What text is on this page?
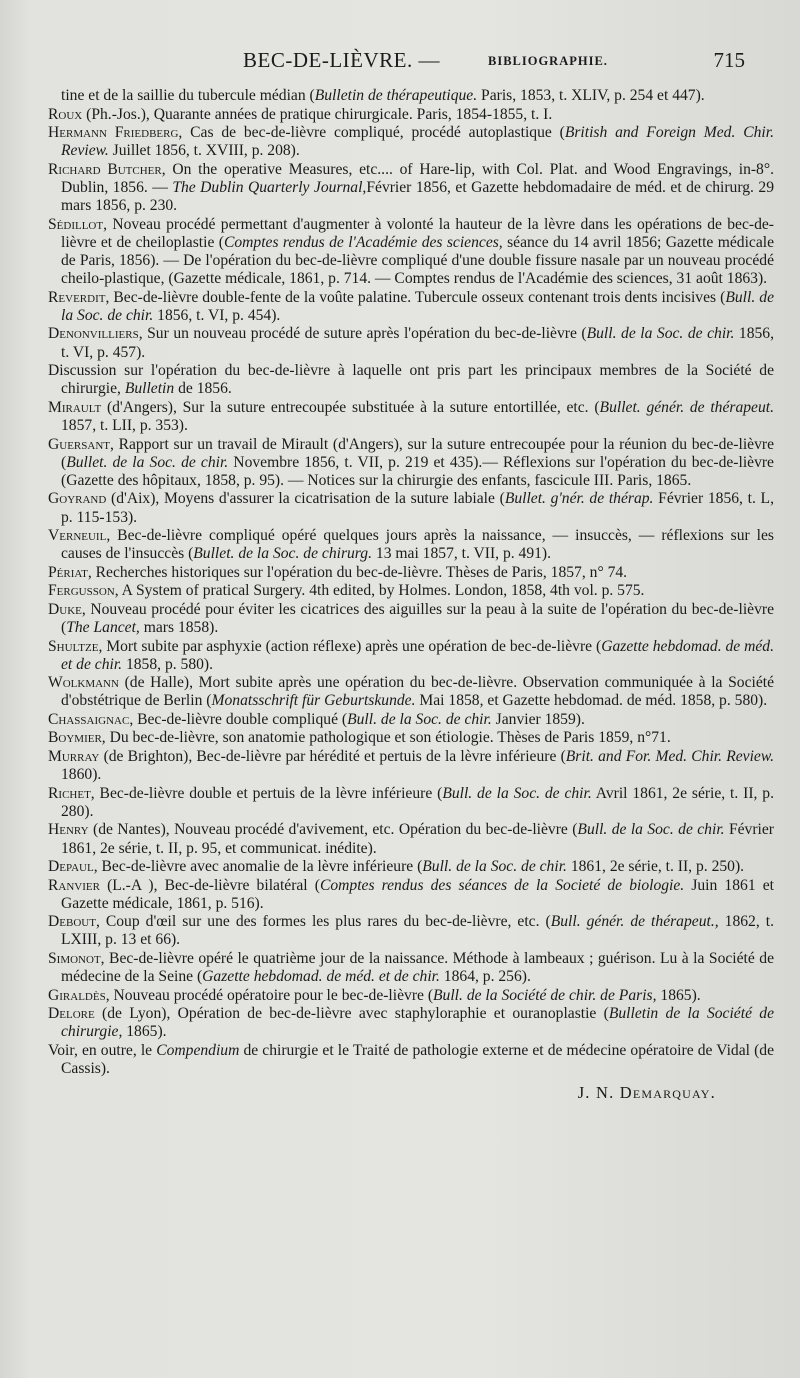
BEC-DE-LIÈVRE. —	BIBLIOGRAPHIE.	715

tine et de la saillie du tubercule médian (Bulletin de thérapeutique. Paris, 1853, t. XLIV, p. 254 et 447).

Roux (Ph.-Jos.), Quarante années de pratique chirurgicale. Paris, 1854-1855, t. I.

Hermann Friedberg, Cas de bec-de-lièvre compliqué, procédé autoplastique (British and Foreign Med. Chir. Review. Juillet 1856, t. XVIII, p. 208).

Richard Butcher, On the operative Measures, etc.... of Hare-lip, with Col. Plat. and Wood Engravings, in-8°. Dublin, 1856. — The Dublin Quarterly Journal,Février 1856, et Gazette hebdomadaire de méd. et de chirurg. 29 mars 1856, p. 230.

Sédillot, Noveau procédé permettant d'augmenter à volonté la hauteur de la lèvre dans les opérations de bec-de-lièvre et de cheiloplastie (Comptes rendus de l'Académie des sciences, séance du 14 avril 1856; Gazette médicale de Paris, 1856). — De l'opération du bec-de-lièvre compliqué d'une double fissure nasale par un nouveau procédé cheilo-plastique, (Gazette médicale, 1861, p. 714. — Comptes rendus de l'Académie des sciences, 31 août 1863).

Reverdit, Bec-de-lièvre double-fente de la voûte palatine. Tubercule osseux contenant trois dents incisives (Bull. de la Soc. de chir. 1856, t. VI, p. 454).

Denonvilliers, Sur un nouveau procédé de suture après l'opération du bec-de-lièvre (Bull. de la Soc. de chir. 1856, t. VI, p. 457).

Discussion sur l'opération du bec-de-lièvre à laquelle ont pris part les principaux membres de la Société de chirurgie, Bulletin de 1856.

Mirault (d'Angers), Sur la suture entrecoupée substituée à la suture entortillée, etc. (Bullet. génér. de thérapeut. 1857, t. LII, p. 353).

Guersant, Rapport sur un travail de Mirault (d'Angers), sur la suture entrecoupée pour la réunion du bec-de-lièvre (Bullet. de la Soc. de chir. Novembre 1856, t. VII, p. 219 et 435).— Réflexions sur l'opération du bec-de-lièvre (Gazette des hôpitaux, 1858, p. 95). — Notices sur la chirurgie des enfants, fascicule III. Paris, 1865.

Goyrand (d'Aix), Moyens d'assurer la cicatrisation de la suture labiale (Bullet. g'nér. de thérap. Février 1856, t. L, p. 115-153).

Verneuil, Bec-de-lièvre compliqué opéré quelques jours après la naissance, — insuccès, — réflexions sur les causes de l'insuccès (Bullet. de la Soc. de chirurg. 13 mai 1857, t. VII, p. 491).

Périat, Recherches historiques sur l'opération du bec-de-lièvre. Thèses de Paris, 1857, n° 74.

Fergusson, A System of pratical Surgery. 4th edited, by Holmes. London, 1858, 4th vol. p. 575.

Duke, Nouveau procédé pour éviter les cicatrices des aiguilles sur la peau à la suite de l'opération du bec-de-lièvre (The Lancet, mars 1858).

Shultze, Mort subite par asphyxie (action réflexe) après une opération de bec-de-lièvre (Gazette hebdomad. de méd. et de chir. 1858, p. 580).

Wolkmann (de Halle), Mort subite après une opération du bec-de-lièvre. Observation communiquée à la Société d'obstétrique de Berlin (Monatsschrift für Geburtskunde. Mai 1858, et Gazette hebdomad. de méd. 1858, p. 580).

Chassaignac, Bec-de-lièvre double compliqué (Bull. de la Soc. de chir. Janvier 1859).

Boymier, Du bec-de-lièvre, son anatomie pathologique et son étiologie. Thèses de Paris 1859, n°71.

Murray (de Brighton), Bec-de-lièvre par hérédité et pertuis de la lèvre inférieure (Brit. and For. Med. Chir. Review. 1860).

Richet, Bec-de-lièvre double et pertuis de la lèvre inférieure (Bull. de la Soc. de chir. Avril 1861, 2e série, t. II, p. 280).

Henry (de Nantes), Nouveau procédé d'avivement, etc. Opération du bec-de-lièvre (Bull. de la Soc. de chir. Février 1861, 2e série, t. II, p. 95, et communicat. inédite).

Depaul, Bec-de-lièvre avec anomalie de la lèvre inférieure (Bull. de la Soc. de chir. 1861, 2e série, t. II, p. 250).

Ranvier (L.-A ), Bec-de-lièvre bilatéral (Comptes rendus des séances de la Societé de biologie. Juin 1861 et Gazette médicale, 1861, p. 516).

Debout, Coup d'œil sur une des formes les plus rares du bec-de-lièvre, etc. (Bull. génér. de thérapeut., 1862, t. LXIII, p. 13 et 66).

Simonot, Bec-de-lièvre opéré le quatrième jour de la naissance. Méthode à lambeaux ; guérison. Lu à la Société de médecine de la Seine (Gazette hebdomad. de méd. et de chir. 1864, p. 256).

Giraldès, Nouveau procédé opératoire pour le bec-de-lièvre (Bull. de la Société de chir. de Paris, 1865).

Delore (de Lyon), Opération de bec-de-lièvre avec staphyloraphie et ouranoplastie (Bulletin de la Société de chirurgie, 1865).

Voir, en outre, le Compendium de chirurgie et le Traité de pathologie externe et de médecine opératoire de Vidal (de Cassis).

J. N. Demarquay.
